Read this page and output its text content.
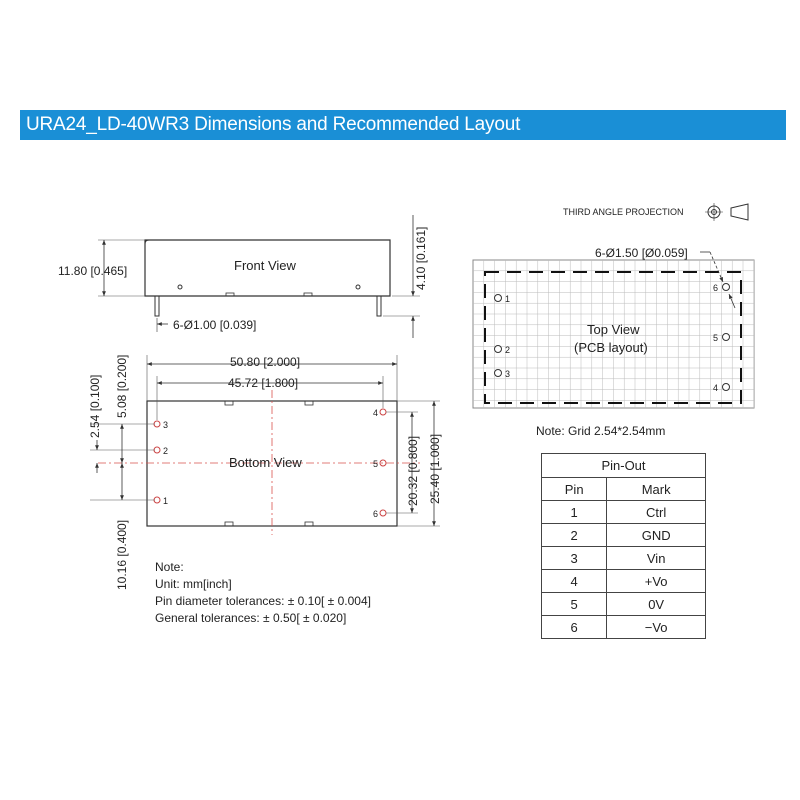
URA24_LD-40WR3 Dimensions and Recommended Layout
THIRD ANGLE PROJECTION
Front View
11.80 [0.465]	4.10 [0.161]
6-Ø1.00 [0.039]
Bottom View
3
2
1
4
5
6
50.80 [2.000]
45.72 [1.800]
5.08 [0.200]
2.54 [0.100]
10.16 [0.400]
20.32 [0.800] 25.40 [1.000]
Top View
(PCB layout)
1
2
3
6
5
4
6-Ø1.50 [Ø0.059]
Note: Grid 2.54*2.54mm
Note:
Unit: mm[inch]
Pin diameter tolerances: ± 0.10[ ± 0.004]
General tolerances: ± 0.50[ ± 0.020]
Pin-Out	
Pin	Mark
1	Ctrl
2	GND
3	Vin
4	+Vo
5	0V
6	−Vo
